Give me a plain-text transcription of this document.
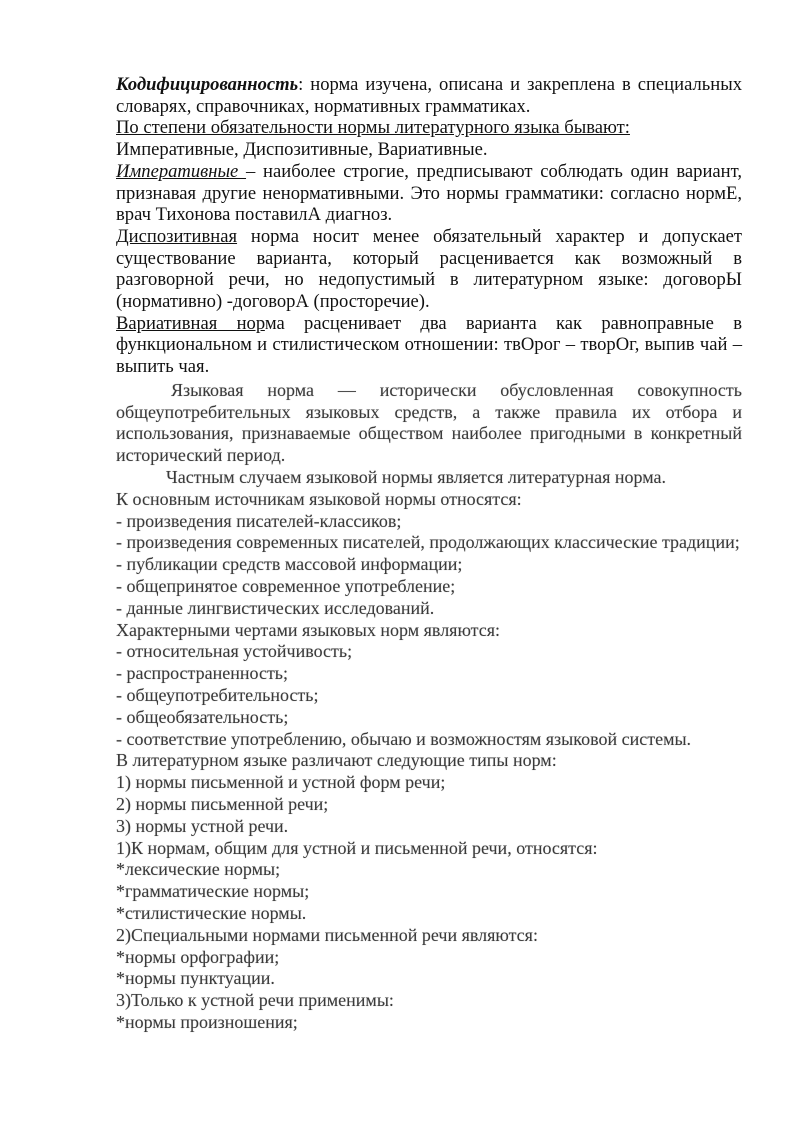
Кодифицированность: норма изучена, описана и закреплена в специальных словарях, справочниках, нормативных грамматиках.

По степени обязательности нормы литературного языка бывают:

Императивные, Диспозитивные, Вариативные.

Императивные – наиболее строгие, предписывают соблюдать один вариант, признавая другие ненормативными. Это нормы грамматики: согласно нормЕ, врач Тихонова поставилА диагноз.

Диспозитивная норма носит менее обязательный характер и допускает существование варианта, который расценивается как возможный в разговорной речи, но недопустимый в литературном языке: договорЫ (нормативно) -договорА (просторечие).

Вариативная норма расценивает два варианта как равноправные в функциональном и стилистическом отношении: твОрог – творОг, выпив чай – выпить чая.

Языковая норма — исторически обусловленная совокупность общеупотребительных языковых средств, а также правила их отбора и использования, признаваемые обществом наиболее пригодными в конкретный исторический период.

Частным случаем языковой нормы является литературная норма.

К основным источникам языковой нормы относятся:

- произведения писателей-классиков;

- произведения современных писателей, продолжающих классические традиции;

- публикации средств массовой информации;

- общепринятое современное употребление;

- данные лингвистических исследований.

Характерными чертами языковых норм являются:

- относительная устойчивость;

- распространенность;

- общеупотребительность;

- общеобязательность;

- соответствие употреблению, обычаю и возможностям языковой системы.

В литературном языке различают следующие типы норм:

1) нормы письменной и устной форм речи;

2) нормы письменной речи;

3) нормы устной речи.

1)К нормам, общим для устной и письменной речи, относятся:

*лексические нормы;

*грамматические нормы;

*стилистические нормы.

2)Специальными нормами письменной речи являются:

*нормы орфографии;

*нормы пунктуации.

3)Только к устной речи применимы:

*нормы произношения;
